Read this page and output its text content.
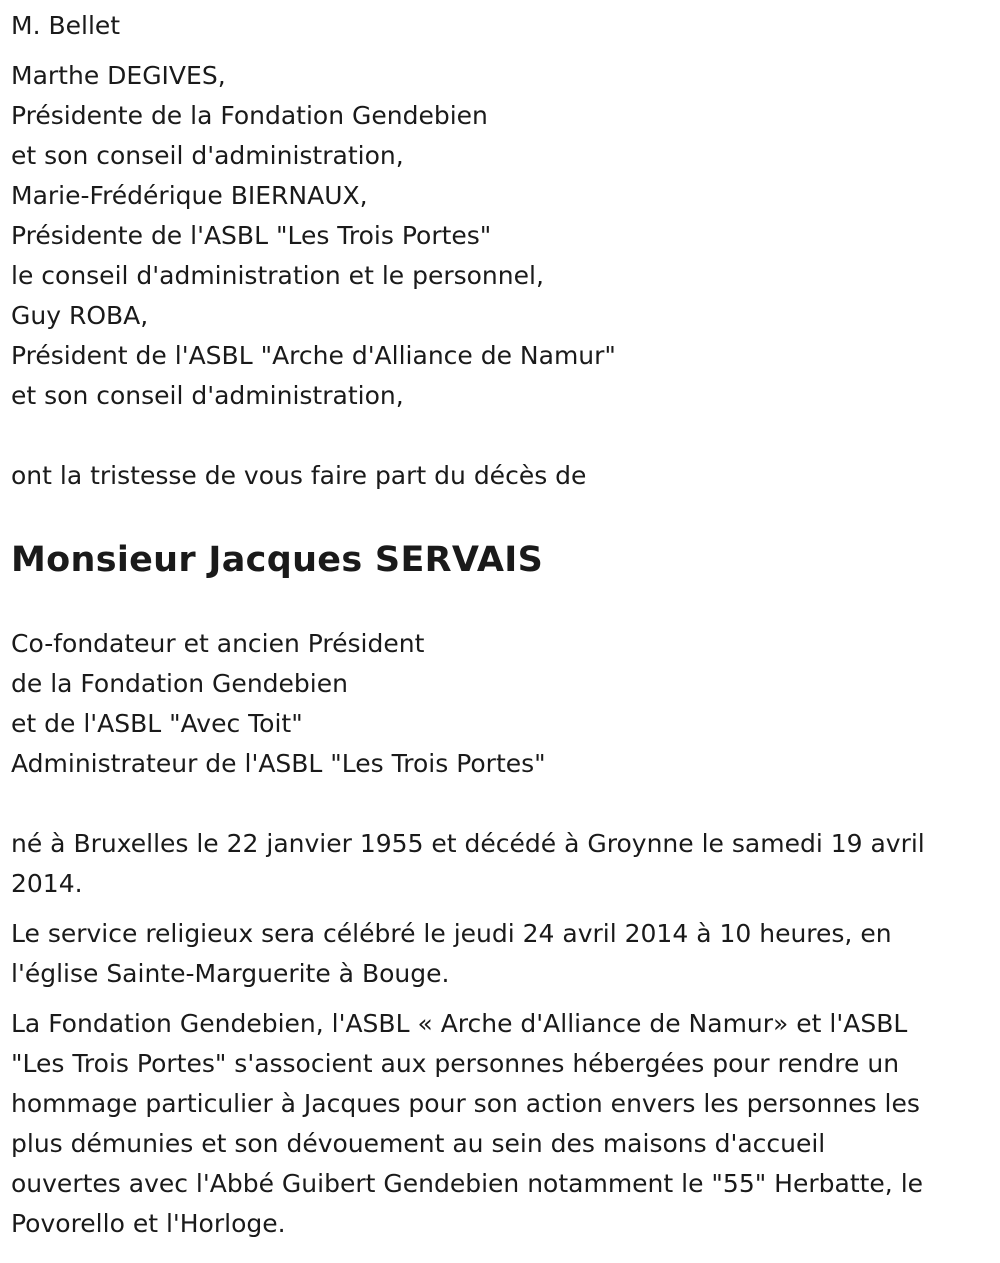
M. Bellet
Marthe DEGIVES,
Présidente de la Fondation Gendebien
et son conseil d'administration,
Marie-Frédérique BIERNAUX,
Présidente de l'ASBL "Les Trois Portes"
le conseil d'administration et le personnel,
Guy ROBA,
Président de l'ASBL "Arche d'Alliance de Namur"
et son conseil d'administration,
ont la tristesse de vous faire part du décès de
Monsieur Jacques SERVAIS
Co-fondateur et ancien Président
de la Fondation Gendebien
et de l'ASBL "Avec Toit"
Administrateur de l'ASBL "Les Trois Portes"
né à Bruxelles le 22 janvier 1955 et décédé à Groynne le samedi 19 avril
2014.
Le service religieux sera célébré le jeudi 24 avril 2014 à 10 heures, en
l'église Sainte-Marguerite à Bouge.
La Fondation Gendebien, l'ASBL « Arche d'Alliance de Namur» et l'ASBL
"Les Trois Portes" s'associent aux personnes hébergées pour rendre un
hommage particulier à Jacques pour son action envers les personnes les
plus démunies et son dévouement au sein des maisons d'accueil
ouvertes avec l'Abbé Guibert Gendebien notamment le "55" Herbatte, le
Povorello et l'Horloge.
